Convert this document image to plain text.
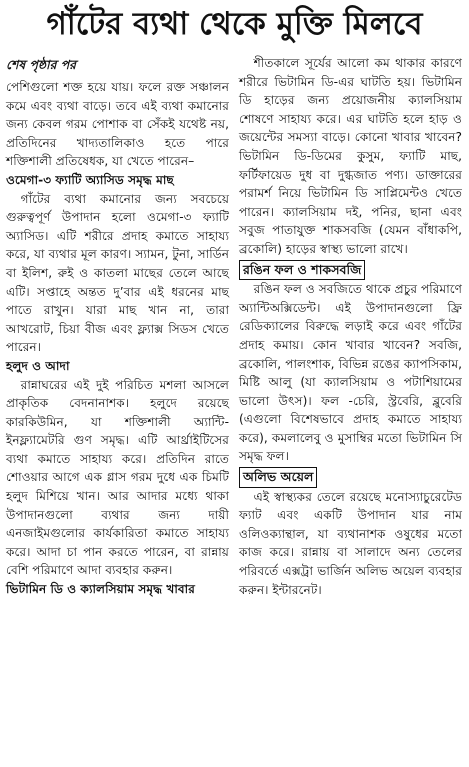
গাঁটের ব্যথা থেকে মুক্তি মিলবে
শেষ পৃষ্ঠার পর

পেশিগুলো শক্ত হয়ে যায়। ফলে রক্ত সঞ্চালন কমে এবং ব্যথা বাড়ে। তবে এই ব্যথা কমানোর জন্য কেবল গরম পোশাক বা সেঁকই যথেষ্ট নয়, প্রতিদিনের খাদ্যতালিকাও হতে পারে শক্তিশালী প্রতিষেধক, যা খেতে পারেন–

ওমেগা-৩ ফ্যাটি অ্যাসিড সমৃদ্ধ মাছ

গাঁটের ব্যথা কমানোর জন্য সবচেয়ে গুরুত্বপূর্ণ উপাদান হলো ওমেগা-৩ ফ্যাটি অ্যাসিড। এটি শরীরে প্রদাহ কমাতে সাহায্য করে, যা ব্যথার মূল কারণ। স্যামন, টুনা, সার্ডিন বা ইলিশ, রুই ও কাতলা মাছের তেলে আছে এটি। সপ্তাহে অন্তত দু’বার এই ধরনের মাছ পাতে রাখুন। যারা মাছ খান না, তারা আখরোট, চিয়া বীজ এবং ফ্ল্যাক্স সিডস খেতে পারেন।

হলুদ ও আদা

রান্নাঘরের এই দুই পরিচিত মশলা আসলে প্রাকৃতিক বেদনানাশক। হলুদে রয়েছে কারকিউমিন, যা শক্তিশালী অ্যান্টি-ইনফ্ল্যামেটরি গুণ সমৃদ্ধ। এটি আর্থ্রাইটিসের ব্যথা কমাতে সাহায্য করে। প্রতিদিন রাতে শোওয়ার আগে এক গ্লাস গরম দুধে এক চিমটি হলুদ মিশিয়ে খান। আর আদার মধ্যে থাকা উপাদানগুলো ব্যথার জন্য দায়ী এনজাইমগুলোর কার্যকারিতা কমাতে সাহায্য করে। আদা চা পান করতে পারেন, বা রান্নায় বেশি পরিমাণে আদা ব্যবহার করুন।

ভিটামিন ডি ও ক্যালসিয়াম সমৃদ্ধ খাবার

শীতকালে সূর্যের আলো কম থাকার কারণে শরীরে ভিটামিন ডি-এর ঘাটতি হয়। ভিটামিন ডি হাড়ের জন্য প্রয়োজনীয় ক্যালসিয়াম শোষণে সাহায্য করে। এর ঘাটতি হলে হাড় ও জয়েন্টের সমস্যা বাড়ে। কোনো খাবার খাবেন? ভিটামিন ডি-ডিমের কুসুম, ফ্যাটি মাছ, ফর্টিফায়েড দুধ বা দুগ্ধজাত পণ্য। ডাক্তারের পরামর্শ নিয়ে ভিটামিন ডি সাপ্লিমেন্টও খেতে পারেন। ক্যালসিয়াম দই, পনির, ছানা এবং সবুজ পাতাযুক্ত শাকসবজি (যেমন বাঁধাকপি, ব্রকোলি) হাড়ের স্বাস্থ্য ভালো রাখে।

রঙিন ফল ও শাকসবজি

রঙিন ফল ও সবজিতে থাকে প্রচুর পরিমাণে অ্যান্টিঅক্সিডেন্ট। এই উপাদানগুলো ফ্রি রেডিক্যালের বিরুদ্ধে লড়াই করে এবং গাঁটের প্রদাহ কমায়। কোন খাবার খাবেন? সবজি, ব্রকোলি, পালংশাক, বিভিন্ন রঙের ক্যাপসিকাম, মিষ্টি আলু (যা ক্যালসিয়াম ও পটাশিয়ামের ভালো উৎস)। ফল -চেরি, স্ট্রবেরি, ব্লুবেরি (এগুলো বিশেষভাবে প্রদাহ কমাতে সাহায্য করে), কমলালেবু ও মুসাম্বির মতো ভিটামিন সি সমৃদ্ধ ফল।

অলিভ অয়েল

এই স্বাস্থ্যকর তেলে রয়েছে মনোস্যাচুরেটেড ফ্যাট এবং একটি উপাদান যার নাম ওলিওক্যান্থাল, যা ব্যথানাশক ওষুধের মতো কাজ করে। রান্নায় বা সালাদে অন্য তেলের পরিবর্তে এক্সট্রা ভার্জিন অলিভ অয়েল ব্যবহার করুন। ইন্টারনেট।
